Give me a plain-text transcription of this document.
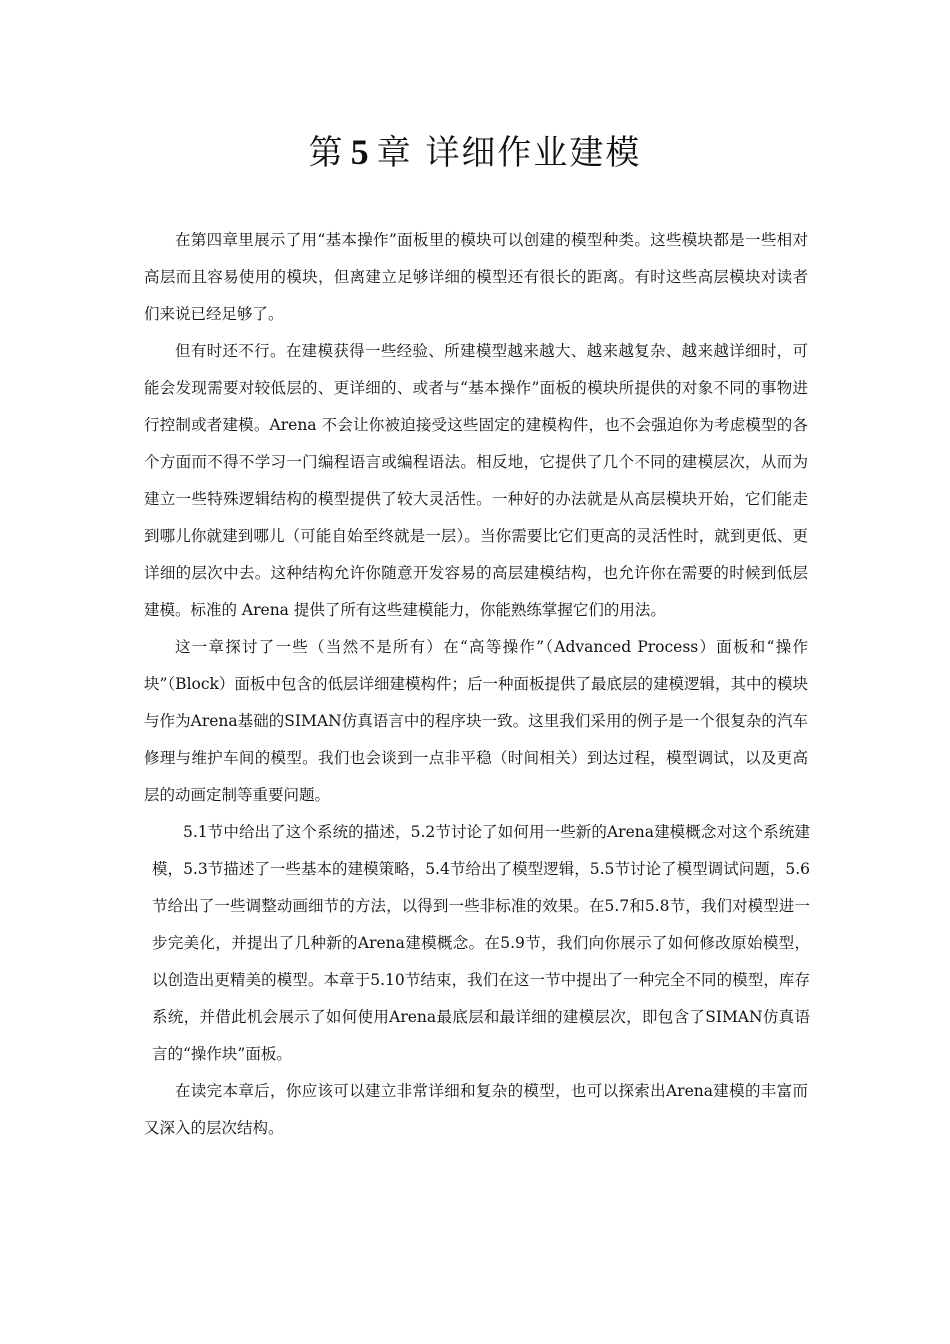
第 5 章 详细作业建模

在第四章里展示了用“基本操作”面板里的模块可以创建的模型种类。这些模块都是一些相对高层而且容易使用的模块，但离建立足够详细的模型还有很长的距离。有时这些高层模块对读者们来说已经足够了。

但有时还不行。在建模获得一些经验、所建模型越来越大、越来越复杂、越来越详细时，可能会发现需要对较低层的、更详细的、或者与“基本操作”面板的模块所提供的对象不同的事物进行控制或者建模。Arena 不会让你被迫接受这些固定的建模构件，也不会强迫你为考虑模型的各个方面而不得不学习一门编程语言或编程语法。相反地，它提供了几个不同的建模层次，从而为建立一些特殊逻辑结构的模型提供了较大灵活性。一种好的办法就是从高层模块开始，它们能走到哪儿你就建到哪儿（可能自始至终就是一层）。当你需要比它们更高的灵活性时，就到更低、更详细的层次中去。这种结构允许你随意开发容易的高层建模结构，也允许你在需要的时候到低层建模。标准的 Arena 提供了所有这些建模能力，你能熟练掌握它们的用法。

这一章探讨了一些（当然不是所有）在“高等操作”（Advanced Process）面板和“操作块”（Block）面板中包含的低层详细建模构件；后一种面板提供了最底层的建模逻辑，其中的模块与作为Arena基础的SIMAN仿真语言中的程序块一致。这里我们采用的例子是一个很复杂的汽车修理与维护车间的模型。我们也会谈到一点非平稳（时间相关）到达过程，模型调试，以及更高层的动画定制等重要问题。

5.1节中给出了这个系统的描述，5.2节讨论了如何用一些新的Arena建模概念对这个系统建模，5.3节描述了一些基本的建模策略，5.4节给出了模型逻辑，5.5节讨论了模型调试问题，5.6节给出了一些调整动画细节的方法，以得到一些非标准的效果。在5.7和5.8节，我们对模型进一步完美化，并提出了几种新的Arena建模概念。在5.9节，我们向你展示了如何修改原始模型，以创造出更精美的模型。本章于5.10节结束，我们在这一节中提出了一种完全不同的模型，库存系统，并借此机会展示了如何使用Arena最底层和最详细的建模层次，即包含了SIMAN仿真语言的“操作块”面板。

在读完本章后，你应该可以建立非常详细和复杂的模型，也可以探索出Arena建模的丰富而又深入的层次结构。
